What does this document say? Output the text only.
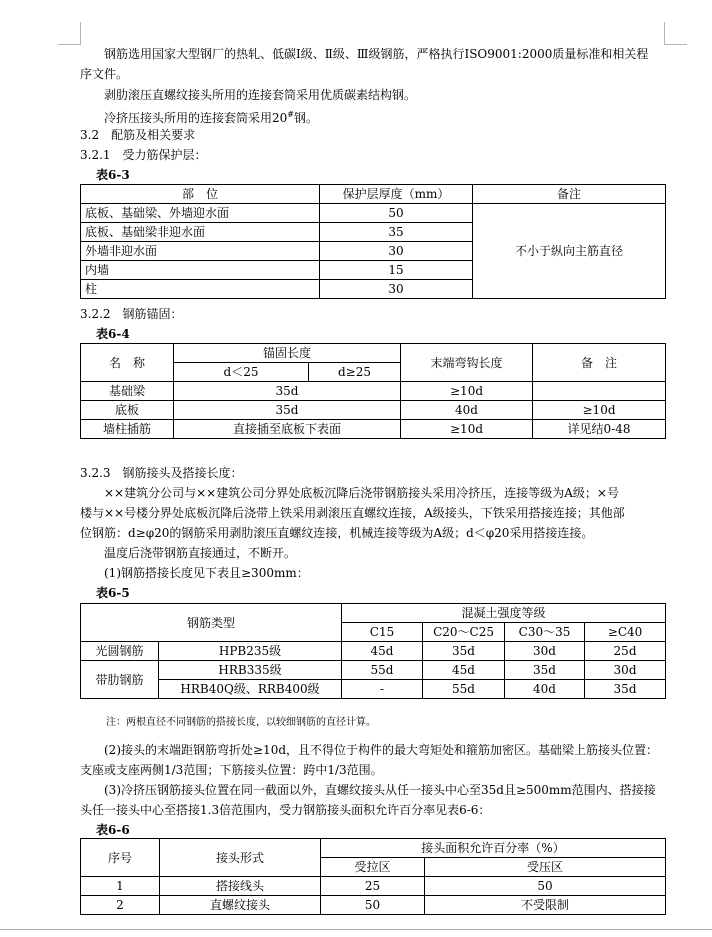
钢筋选用国家大型钢厂的热轧、低碳Ⅰ级、Ⅱ级、Ⅲ级钢筋，严格执行ISO9001:2000质量标准和相关程
序文件。
剥肋滚压直螺纹接头所用的连接套筒采用优质碳素结构钢。
冷挤压接头所用的连接套筒采用20#钢。
3.2　配筋及相关要求
3.2.1　受力筋保护层：
表6-3
部　位	保护层厚度（mm）	备注
底板、基础梁、外墙迎水面	50	不小于纵向主筋直径
底板、基础梁非迎水面	35	
外墙非迎水面	30	
内墙	15	
柱	30	
3.2.2　钢筋锚固：
表6-4
名　称	锚固长度		末端弯钩长度	备　注
	d＜25	d≥25		
基础梁	35d		≥10d	
底板	35d		40d	≥10d
墙柱插筋	直接插至底板下表面		≥10d	详见结0-48
3.2.3　钢筋接头及搭接长度：
××建筑分公司与××建筑公司分界处底板沉降后浇带钢筋接头采用冷挤压，连接等级为A级；×号
楼与××号楼分界处底板沉降后浇带上铁采用剥滚压直螺纹连接，A级接头，下铁采用搭接连接；其他部
位钢筋：d≥φ20的钢筋采用剥肋滚压直螺纹连接，机械连接等级为A级；d＜φ20采用搭接连接。
温度后浇带钢筋直接通过，不断开。
(1)钢筋搭接长度见下表且≥300mm：
表6-5
钢筋类型		混凝土强度等级			
		C15	C20～C25	C30～35	≥C40
光圆钢筋	HPB235级	45d	35d	30d	25d
带肋钢筋	HRB335级	55d	45d	35d	30d
	HRB40Q级、RRB400级	-	55d	40d	35d
注：两根直径不同钢筋的搭接长度，以较细钢筋的直径计算。
(2)接头的末端距钢筋弯折处≥10d，且不得位于构件的最大弯矩处和箍筋加密区。基础梁上筋接头位置：
支座或支座两侧1/3范围；下筋接头位置：跨中1/3范围。
(3)冷挤压钢筋接头位置在同一截面以外，直螺纹接头从任一接头中心至35d且≥500mm范围内、搭接接
头任一接头中心至搭接1.3倍范围内，受力钢筋接头面积允许百分率见表6-6：
表6-6
序号	接头形式	接头面积允许百分率（%）	
		受拉区	受压区
1	搭接线头	25	50
2	直螺纹接头	50	不受限制
